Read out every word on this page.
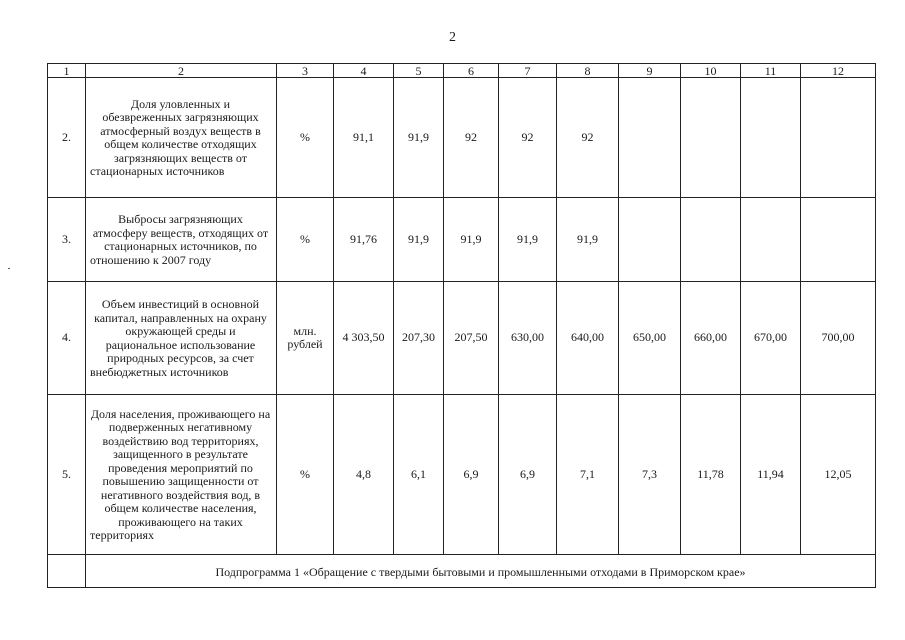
2
1	2	3	4	5	6	7	8	9	10	11	12
2.	Доля уловленных и обезвреженных загрязняющих атмосферный воздух веществ в общем количестве отходящих загрязняющих веществ от стационарных источников	%	91,1	91,9	92	92	92				
3.	Выбросы загрязняющих атмосферу веществ, отходящих от стационарных источников, по отношению к 2007 году	%	91,76	91,9	91,9	91,9	91,9				
4.	Объем инвестиций в основной капитал, направленных на охрану окружающей среды и рациональное использование природных ресурсов, за счет внебюджетных источников	млн. рублей	4 303,50	207,30	207,50	630,00	640,00	650,00	660,00	670,00	700,00
5.	Доля населения, проживающего на подверженных негативному воздействию вод территориях, защищенного в результате проведения мероприятий по повышению защищенности от негативного воздействия вод, в общем количестве населения, проживающего на таких территориях	%	4,8	6,1	6,9	6,9	7,1	7,3	11,78	11,94	12,05
	Подпрограмма 1 «Обращение с твердыми бытовыми и промышленными отходами в Приморском крае»										
